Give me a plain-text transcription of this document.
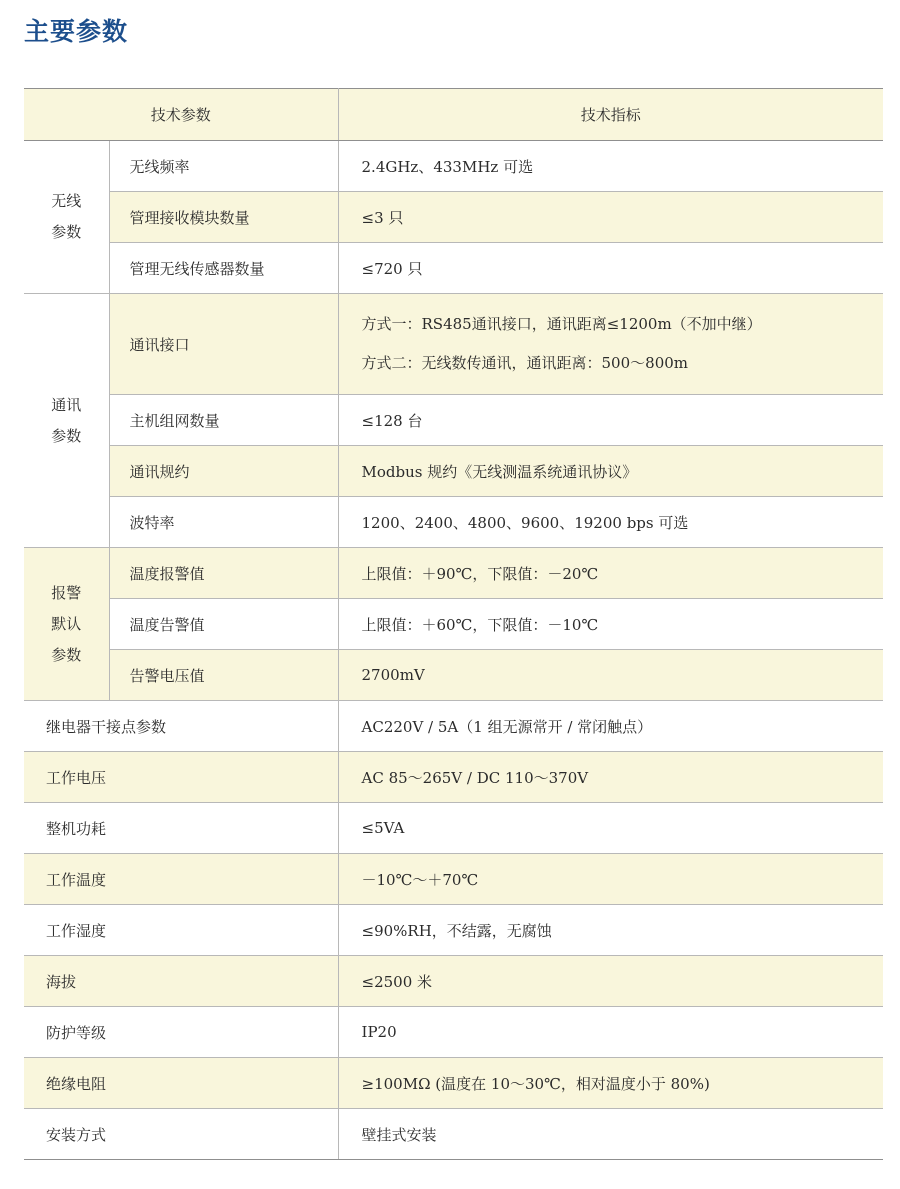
主要参数
技术参数		技术指标

无线
参数	无线频率	2.4GHz、433MHz 可选
	管理接收模块数量	≤3 只
	管理无线传感器数量	≤720 只

通讯
参数	通讯接口	方式一：RS485通讯接口，通讯距离≤1200m（不加中继）
方式二：无线数传通讯，通讯距离：500～800m

	主机组网数量	≤128 台
	通讯规约	Modbus 规约《无线测温系统通讯协议》
	波特率	1200、2400、4800、9600、19200 bps 可选

报警
默认
参数	温度报警值	上限值：＋90℃，下限值：－20℃
	温度告警值	上限值：＋60℃，下限值：－10℃
	告警电压值	2700mV
继电器干接点参数		AC220V / 5A（1 组无源常开 / 常闭触点）
工作电压		AC 85～265V / DC 110～370V
整机功耗		≤5VA
工作温度		－10℃～＋70℃
工作湿度		≤90%RH，不结露，无腐蚀
海拔		≤2500 米
防护等级		IP20
绝缘电阻		≥100MΩ (温度在 10～30℃，相对温度小于 80%)
安装方式		壁挂式安装
